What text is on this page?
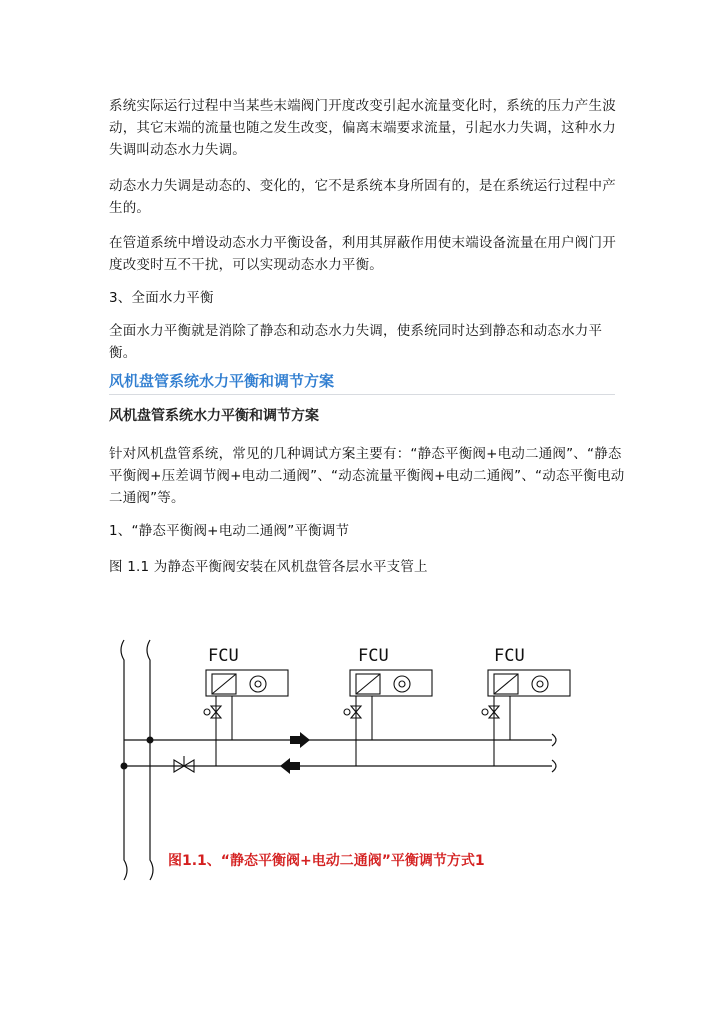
系统实际运行过程中当某些末端阀门开度改变引起水流量变化时，系统的压力产生波动，其它末端的流量也随之发生改变，偏离末端要求流量，引起水力失调，这种水力失调叫动态水力失调。

动态水力失调是动态的、变化的，它不是系统本身所固有的，是在系统运行过程中产生的。

在管道系统中增设动态水力平衡设备，利用其屏蔽作用使末端设备流量在用户阀门开度改变时互不干扰，可以实现动态水力平衡。

3、全面水力平衡

全面水力平衡就是消除了静态和动态水力失调，使系统同时达到静态和动态水力平衡。

风机盘管系统水力平衡和调节方案
风机盘管系统水力平衡和调节方案

针对风机盘管系统，常见的几种调试方案主要有：“静态平衡阀+电动二通阀”、“静态平衡阀+压差调节阀+电动二通阀”、“动态流量平衡阀+电动二通阀”、“动态平衡电动二通阀”等。

1、“静态平衡阀+电动二通阀”平衡调节

图 1.1 为静态平衡阀安装在风机盘管各层水平支管上

FCU	FCU	FCU

图1.1、“静态平衡阀+电动二通阀”平衡调节方式1
